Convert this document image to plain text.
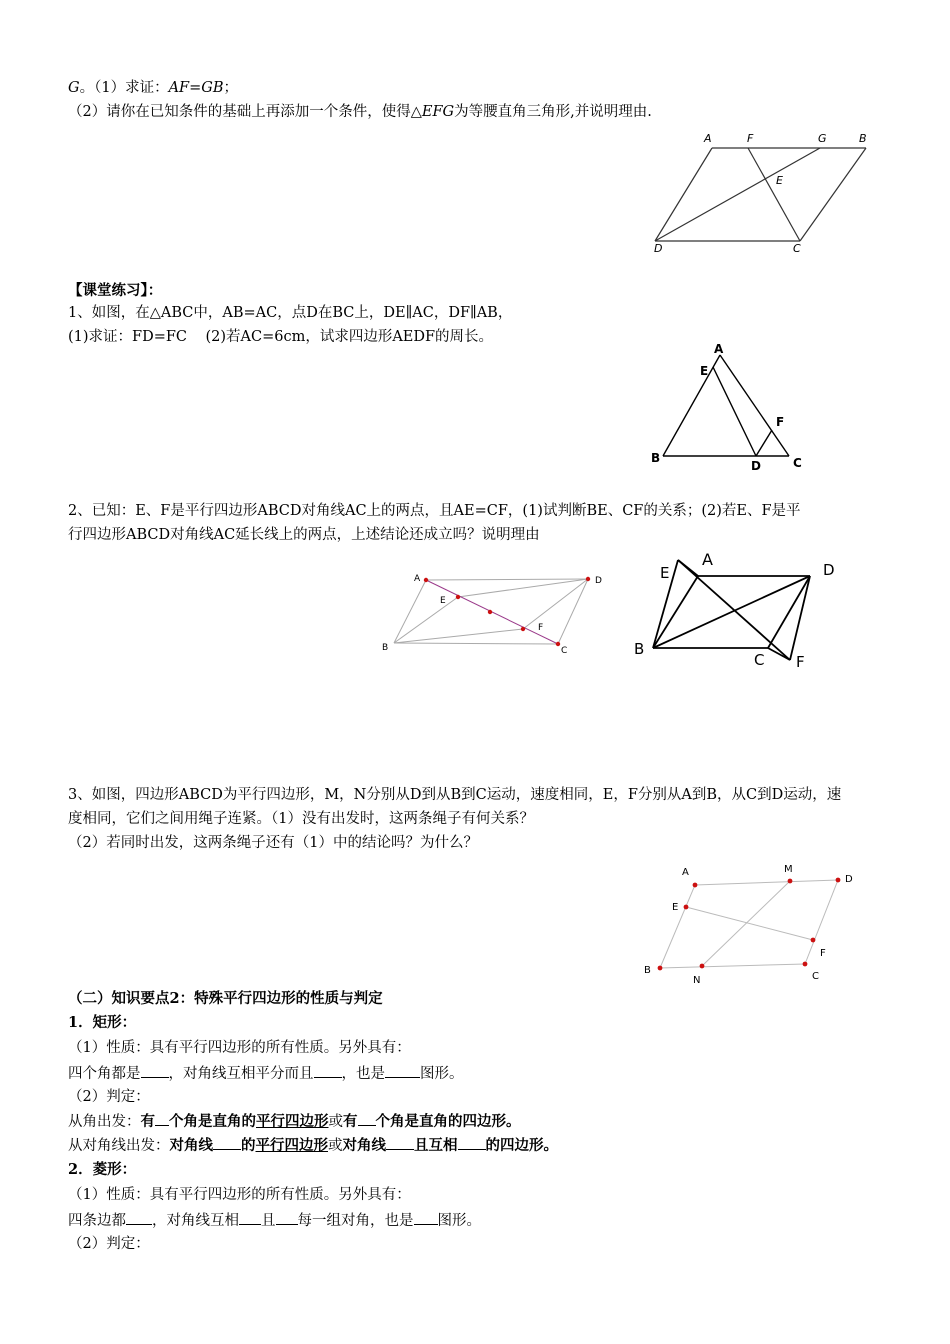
G。（1）求证：AF=GB；
（2）请你在已知条件的基础上再添加一个条件，使得△EFG为等腰直角三角形,并说明理由.
A	F	G	B
E
D	C
【课堂练习】：
1、如图，在△ABC中，AB=AC，点D在BC上，DE∥AC，DF∥AB，
(1)求证：FD=FC    (2)若AC=6cm，试求四边形AEDF的周长。
A
E
F
B
D	C
2、已知：E、F是平行四边形ABCD对角线AC上的两点，且AE=CF，(1)试判断BE、CF的关系；(2)若E、F是平
行四边形ABCD对角线AC延长线上的两点，上述结论还成立吗？说明理由
A	D
E
F
B	C
E
A
D
B
C F
3、如图，四边形ABCD为平行四边形，M，N分别从D到从B到C运动，速度相同，E，F分别从A到B，从C到D运动，速
度相同，它们之间用绳子连紧。（1）没有出发时，这两条绳子有何关系？
（2）若同时出发，这两条绳子还有（1）中的结论吗？为什么？
A	M
D
E
F
B
N	C
（二）知识要点2：特殊平行四边形的性质与判定
1．矩形：
（1）性质：具有平行四边形的所有性质。另外具有：
四个角都是 ，对角线互相平分而且 ，也是 图形。
（2）判定：
从角出发：有 个角是直角的平行四边形或有 个角是直角的四边形。
从对角线出发：对角线 的平行四边形或对角线 且互相 的四边形。
2．菱形：
（1）性质：具有平行四边形的所有性质。另外具有：
四条边都 ，对角线互相 且 每一组对角，也是 图形。
（2）判定：
